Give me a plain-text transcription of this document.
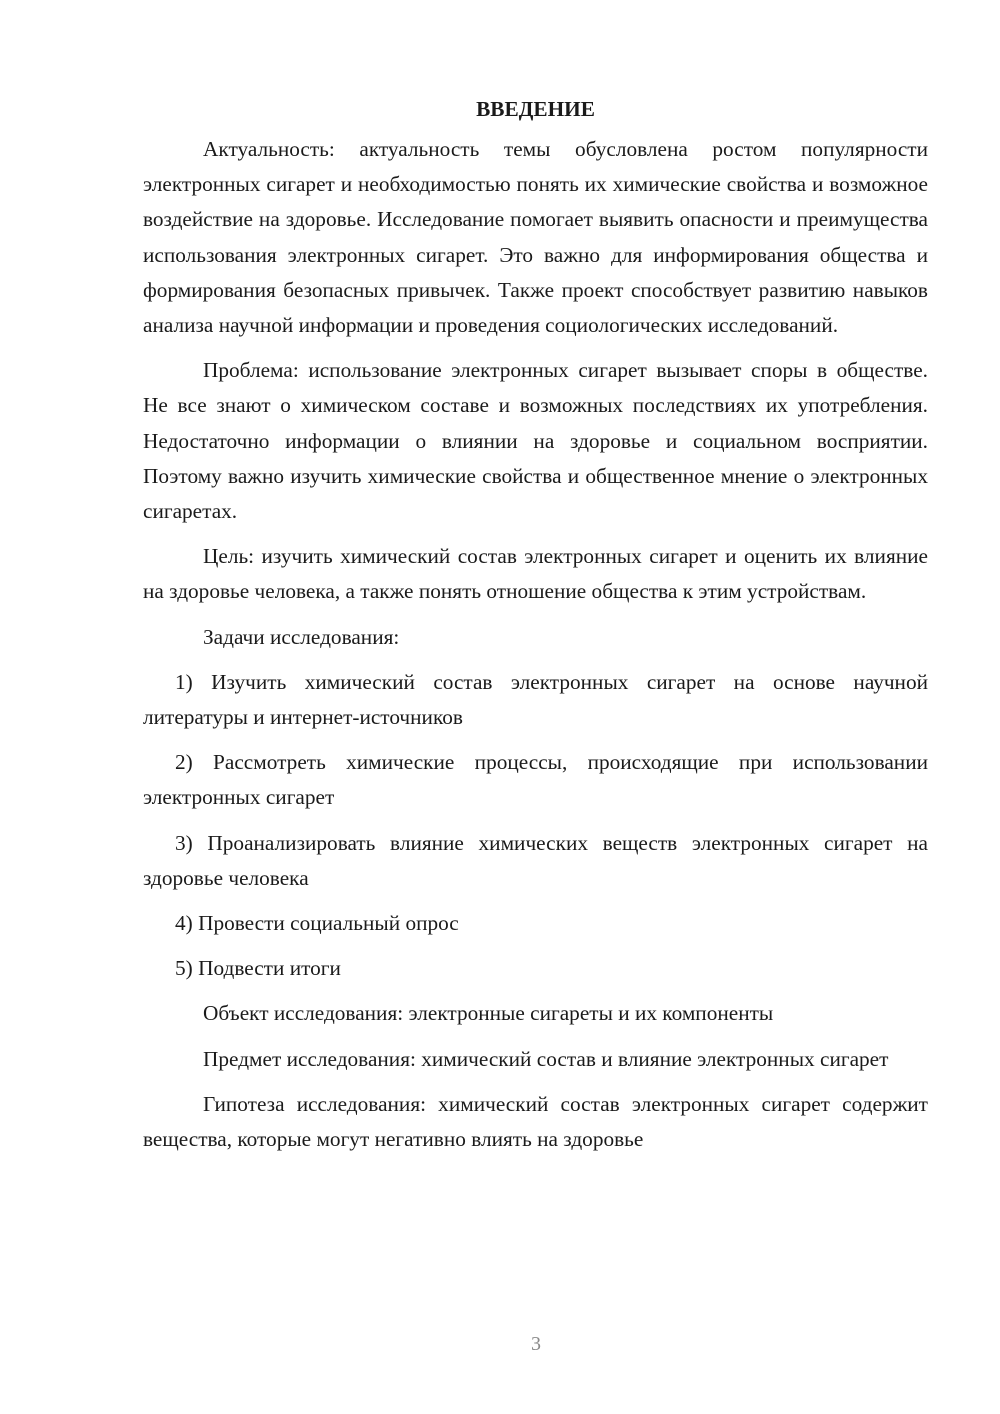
ВВЕДЕНИЕ

Актуальность: актуальность темы обусловлена ростом популярности электронных сигарет и необходимостью понять их химические свойства и возможное воздействие на здоровье. Исследование помогает выявить опасности и преимущества использования электронных сигарет. Это важно для информирования общества и формирования безопасных привычек. Также проект способствует развитию навыков анализа научной информации и проведения социологических исследований.

Проблема: использование электронных сигарет вызывает споры в обществе. Не все знают о химическом составе и возможных последствиях их употребления. Недостаточно информации о влиянии на здоровье и социальном восприятии. Поэтому важно изучить химические свойства и общественное мнение о электронных сигаретах.

Цель: изучить химический состав электронных сигарет и оценить их влияние на здоровье человека, а также понять отношение общества к этим устройствам.

Задачи исследования:

1) Изучить химический состав электронных сигарет на основе научной литературы и интернет-источников

2) Рассмотреть химические процессы, происходящие при использовании электронных сигарет

3) Проанализировать влияние химических веществ электронных сигарет на здоровье человека

4) Провести социальный опрос

5) Подвести итоги

Объект исследования: электронные сигареты и их компоненты

Предмет исследования: химический состав и влияние электронных сигарет

Гипотеза исследования: химический состав электронных сигарет содержит вещества, которые могут негативно влиять на здоровье

3
